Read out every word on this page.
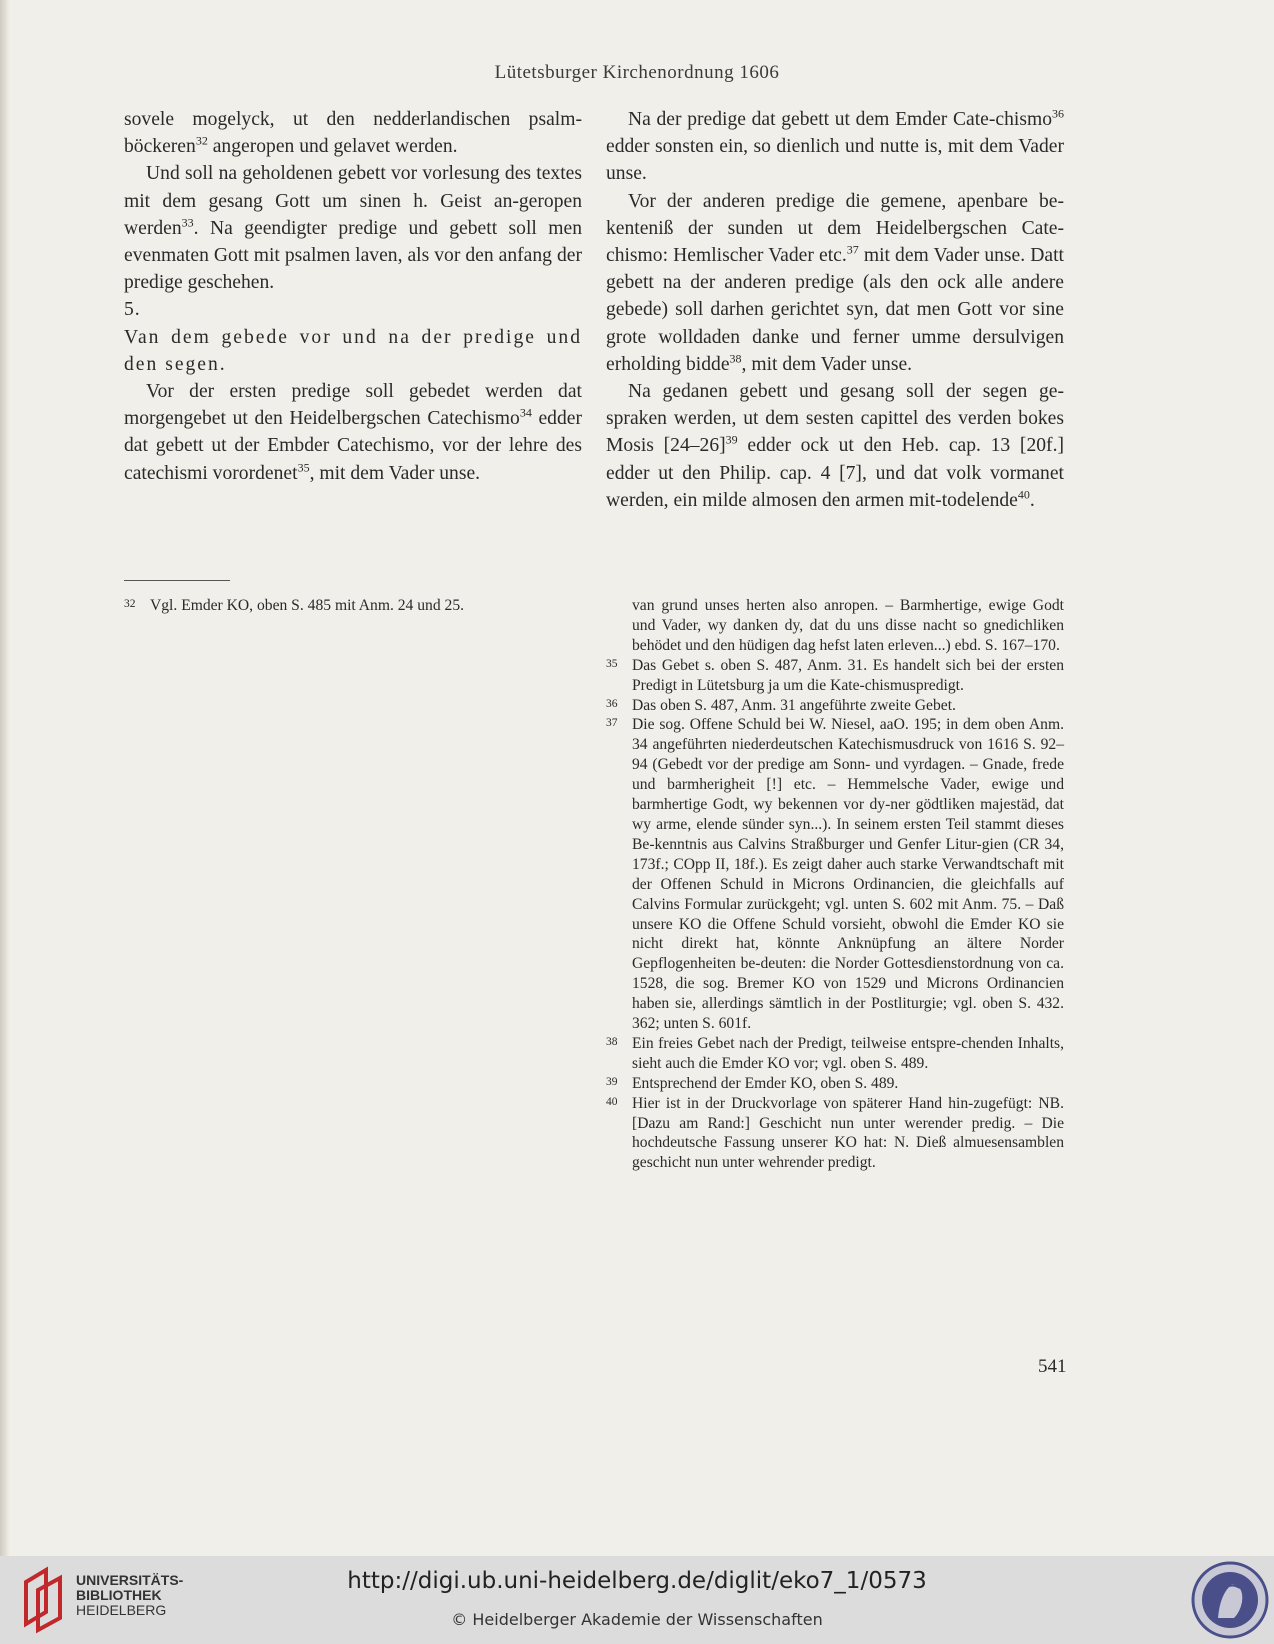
Lütetsburger Kirchenordnung 1606

sovele mogelyck, ut den nedderlandischen psalm-böckeren$^{32}$ angeropen und gelavet werden.

Und soll na geholdenen gebett vor vorlesung des textes mit dem gesang Gott um sinen h. Geist an-geropen werden$^{33}$. Na geendigter predige und gebett soll men evenmaten Gott mit psalmen laven, als vor den anfang der predige geschehen.

5.

Van dem gebede vor und na der predige und den segen.

Vor der ersten predige soll gebedet werden dat morgengebet ut den Heidelbergschen Catechismo$^{34}$ edder dat gebett ut der Embder Catechismo, vor der lehre des catechismi vorordenet$^{35}$, mit dem Vader unse.

Na der predige dat gebett ut dem Emder Cate-chismo$^{36}$ edder sonsten ein, so dienlich und nutte is, mit dem Vader unse.

Vor der anderen predige die gemene, apenbare be-kenteniß der sunden ut dem Heidelbergschen Cate-chismo: Hemlischer Vader etc.$^{37}$ mit dem Vader unse. Datt gebett na der anderen predige (als den ock alle andere gebede) soll darhen gerichtet syn, dat men Gott vor sine grote wolldaden danke und ferner umme dersulvigen erholding bidde$^{38}$, mit dem Vader unse.

Na gedanen gebett und gesang soll der segen ge-spraken werden, ut dem sesten capittel des verden bokes Mosis $[24-26]^{39}$ edder ock ut den Heb. cap. 13 [20f.] edder ut den Philip. cap. 4 [7], und dat volk vormanet werden, ein milde almosen den armen mit-todelende$^{40}$.

32 Vgl. Emder KO, oben S. 485 mit Anm. 24 und 25.	van grund unses herten also anropen. – Barmhertige, ewige Godt und Vader, wy danken dy, dat du uns disse nacht so gnedichliken behödet und den hüdigen dag hefst laten erleven...) ebd. S. 167–170.
35 Das Gebet s. oben S. 487, Anm. 31. Es handelt sich bei der ersten Predigt in Lütetsburg ja um die Kate-chismuspredigt.
36 Das oben S. 487, Anm. 31 angeführte zweite Gebet.
37 Die sog. Offene Schuld bei W. Niesel, aaO. 195; in dem oben Anm. 34 angeführten niederdeutschen Katechismusdruck von 1616 S. 92–94 (Gebedt vor der predige am Sonn- und vyrdagen. – Gnade, frede und barmherigheit [!] etc. – Hemmelsche Vader, ewige und barmhertige Godt, wy bekennen vor dy-ner gödtliken majestäd, dat wy arme, elende sünder syn...). In seinem ersten Teil stammt dieses Be-kenntnis aus Calvins Straßburger und Genfer Litur-gien (CR 34, 173f.; COpp II, 18f.). Es zeigt daher auch starke Verwandtschaft mit der Offenen Schuld in Microns Ordinancien, die gleichfalls auf Calvins Formular zurückgeht; vgl. unten S. 602 mit Anm. 75. – Daß unsere KO die Offene Schuld vorsieht, obwohl die Emder KO sie nicht direkt hat, könnte Anknüpfung an ältere Norder Gepflogenheiten be-deuten: die Norder Gottesdienstordnung von ca. 1528, die sog. Bremer KO von 1529 und Microns Ordinancien haben sie, allerdings sämtlich in der Postliturgie; vgl. oben S. 432. 362; unten S. 601f.
38 Ein freies Gebet nach der Predigt, teilweise entspre-chenden Inhalts, sieht auch die Emder KO vor; vgl. oben S. 489.
39 Entsprechend der Emder KO, oben S. 489.
40 Hier ist in der Druckvorlage von späterer Hand hin-zugefügt: NB. [Dazu am Rand:] Geschicht nun unter werender predig. – Die hochdeutsche Fassung unserer KO hat: N. Dieß almuesensamblen geschicht nun unter wehrender predigt.
541
UNIVERSITÄTS-
BIBLIOTHEK
HEIDELBERG
http://digi.ub.uni-heidelberg.de/diglit/eko7_1/0573
© Heidelberger Akademie der Wissenschaften
